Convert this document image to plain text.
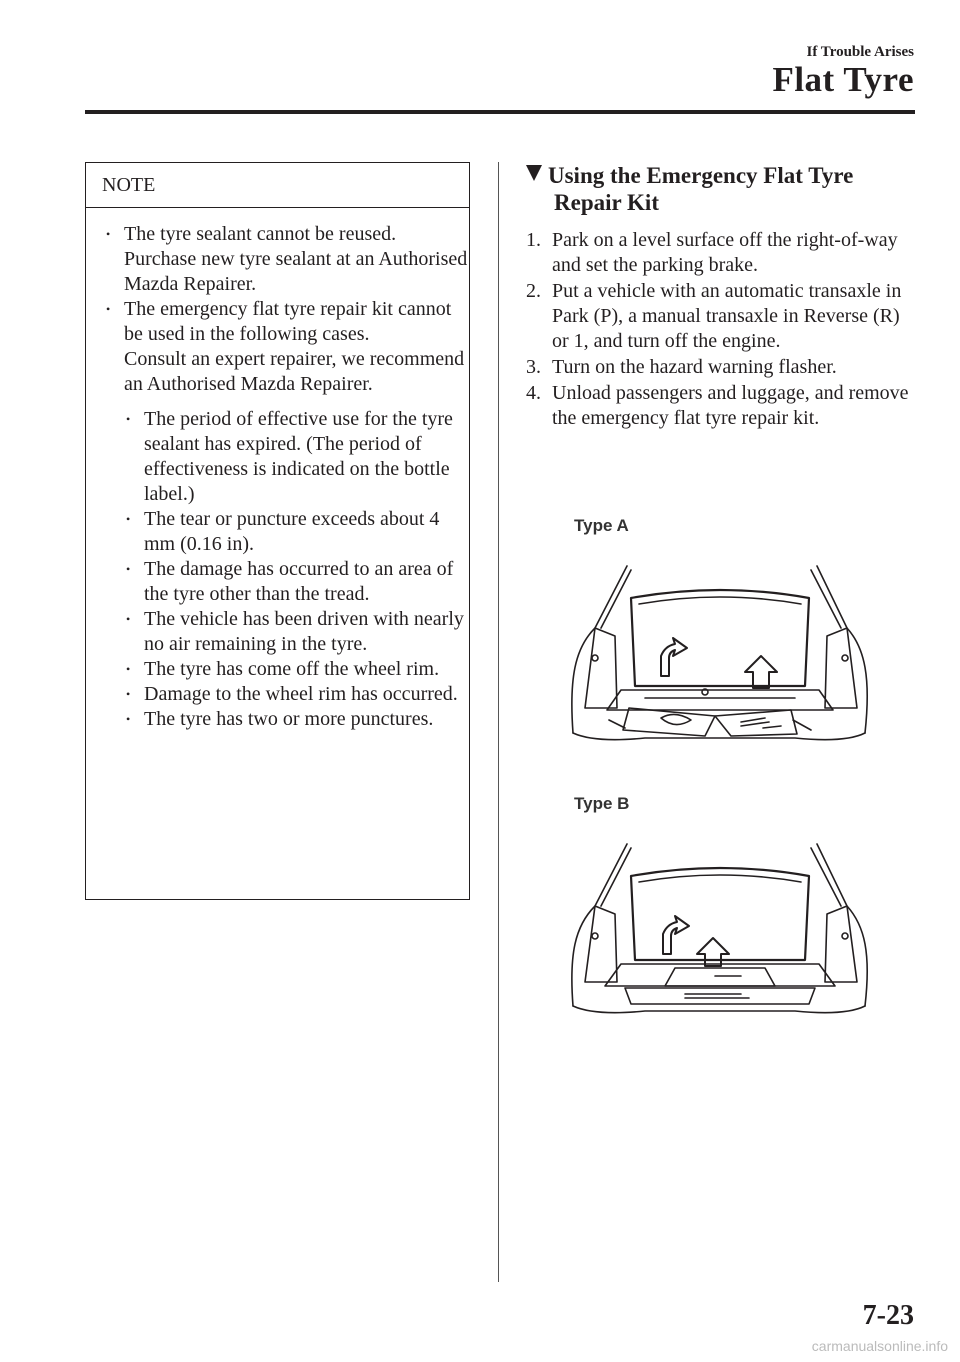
If Trouble Arises
Flat Tyre
NOTE
• The tyre sealant cannot be reused. Purchase new tyre sealant at an Authorised Mazda Repairer.
• The emergency flat tyre repair kit cannot be used in the following cases.
Consult an expert repairer, we recommend an Authorised Mazda Repairer.
• The period of effective use for the tyre sealant has expired. (The period of effectiveness is indicated on the bottle label.)
• The tear or puncture exceeds about 4 mm (0.16 in).
• The damage has occurred to an area of the tyre other than the tread.
• The vehicle has been driven with nearly no air remaining in the tyre.
• The tyre has come off the wheel rim.
• Damage to the wheel rim has occurred.
• The tyre has two or more punctures.
Using the Emergency Flat Tyre
Repair Kit
1. Park on a level surface off the right-of-way and set the parking brake.
2. Put a vehicle with an automatic transaxle in Park (P), a manual transaxle in Reverse (R) or 1, and turn off the engine.
3. Turn on the hazard warning flasher.
4. Unload passengers and luggage, and remove the emergency flat tyre repair kit.
Type A
Type B
7-23
carmanualsonline.info
